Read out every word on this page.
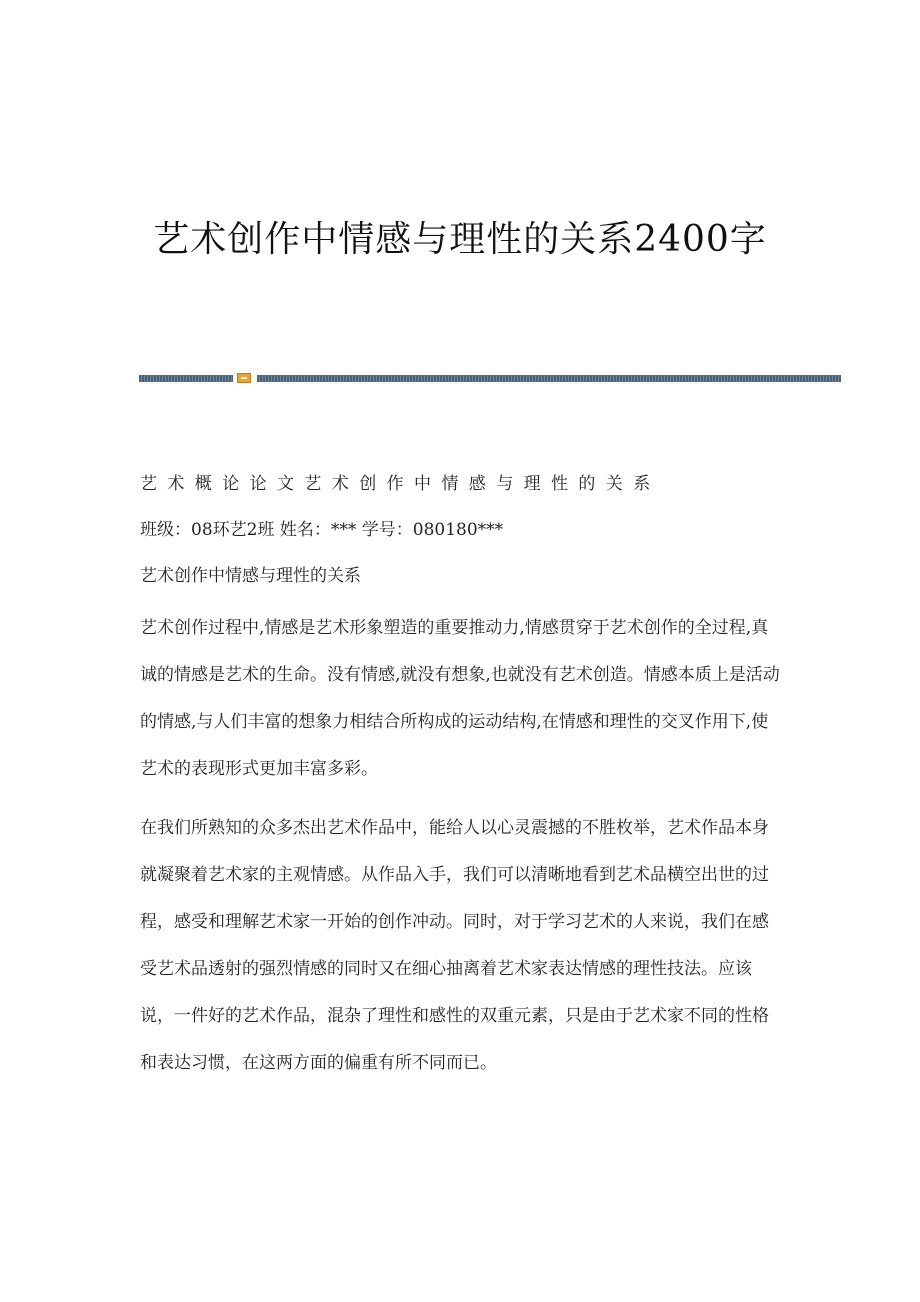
艺术创作中情感与理性的关系2400字

艺术概论论文艺术创作中情感与理性的关系

班级：08环艺2班 姓名：*** 学号：080180***

艺术创作中情感与理性的关系

艺术创作过程中,情感是艺术形象塑造的重要推动力,情感贯穿于艺术创作的全过程,真诚的情感是艺术的生命。没有情感,就没有想象,也就没有艺术创造。情感本质上是活动的情感,与人们丰富的想象力相结合所构成的运动结构,在情感和理性的交叉作用下,使艺术的表现形式更加丰富多彩。

在我们所熟知的众多杰出艺术作品中，能给人以心灵震撼的不胜枚举，艺术作品本身就凝聚着艺术家的主观情感。从作品入手，我们可以清晰地看到艺术品横空出世的过程，感受和理解艺术家一开始的创作冲动。同时，对于学习艺术的人来说，我们在感受艺术品透射的强烈情感的同时又在细心抽离着艺术家表达情感的理性技法。应该说，一件好的艺术作品，混杂了理性和感性的双重元素，只是由于艺术家不同的性格和表达习惯，在这两方面的偏重有所不同而已。
